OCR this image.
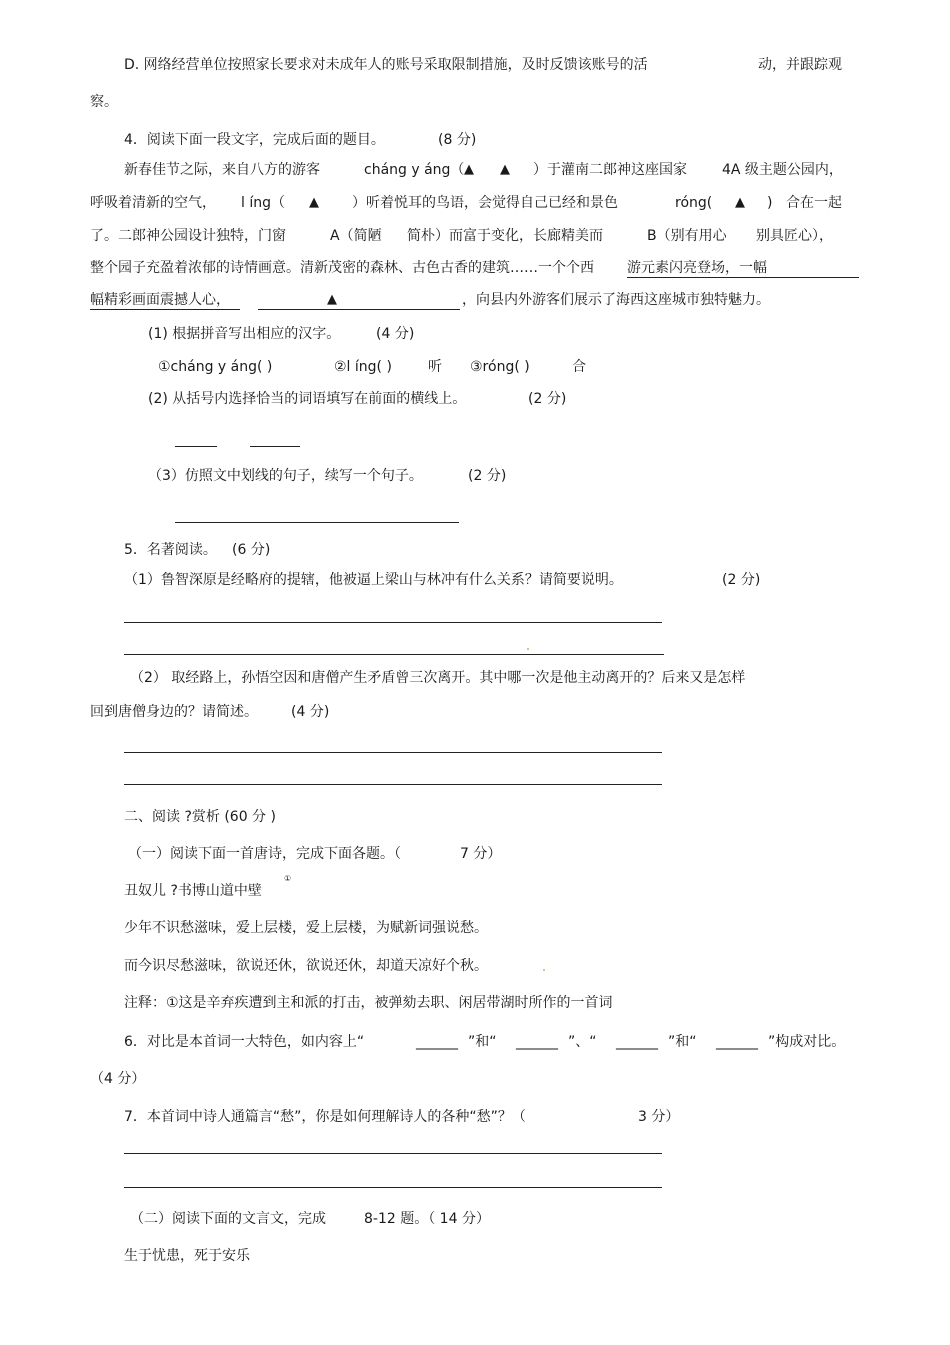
D. 网络经营单位按照家长要求对未成年人的账号采取限制措施，及时反馈该账号的活	动，并跟踪观
察。
4．阅读下面一段文字，完成后面的题目。	(8 分)
新春佳节之际，来自八方的游客	cháng y áng（ ▲ ▲ ）于灌南二郎神这座国家	4A 级主题公园内，
呼吸着清新的空气， l íng（ ▲ ）听着悦耳的鸟语，会觉得自己已经和景色	róng( ▲ ) 合在一起
了。二郎神公园设计独特，门窗	A（简陋 简朴）而富于变化，长廊精美而	B（别有用心 别具匠心），
整个园子充盈着浓郁的诗情画意。清新茂密的森林、古色古香的建筑……一个个西 游元素闪亮登场，一幅
幅精彩画面震撼人心，	▲	，向县内外游客们展示了海西这座城市独特魅力。
(1) 根据拼音写出相应的汉字。	(4 分)
①cháng y áng( )	②l íng( )	听 ③róng( )	合
(2) 从括号内选择恰当的词语填写在前面的横线上。	(2 分)
（3）仿照文中划线的句子，续写一个句子。	(2 分)
5．名著阅读。 (6 分)
（1）鲁智深原是经略府的提辖，他被逼上梁山与林冲有什么关系？请简要说明。	(2 分)
（2） 取经路上，孙悟空因和唐僧产生矛盾曾三次离开。其中哪一次是他主动离开的？后来又是怎样
回到唐僧身边的？请简述。 (4 分)
二、阅读 ?赏析 (60 分 )
（一）阅读下面一首唐诗，完成下面各题。（	7 分）
丑奴儿 ?书博山道中壁
①
少年不识愁滋味，爱上层楼，爱上层楼，为赋新词强说愁。
而今识尽愁滋味，欲说还休，欲说还休，却道天凉好个秋。
注释：①这是辛弃疾遭到主和派的打击，被弹劾去职、闲居带湖时所作的一首词
6．对比是本首词一大特色，如内容上“	______ ”和“ ______ ”、“ ______ ”和“ ______ ”构成对比。
（4 分）
7．本首词中诗人通篇言“愁”，你是如何理解诗人的各种“愁”？（	3 分）
（二）阅读下面的文言文，完成	8-12 题。（ 14 分）
生于忧患，死于安乐
